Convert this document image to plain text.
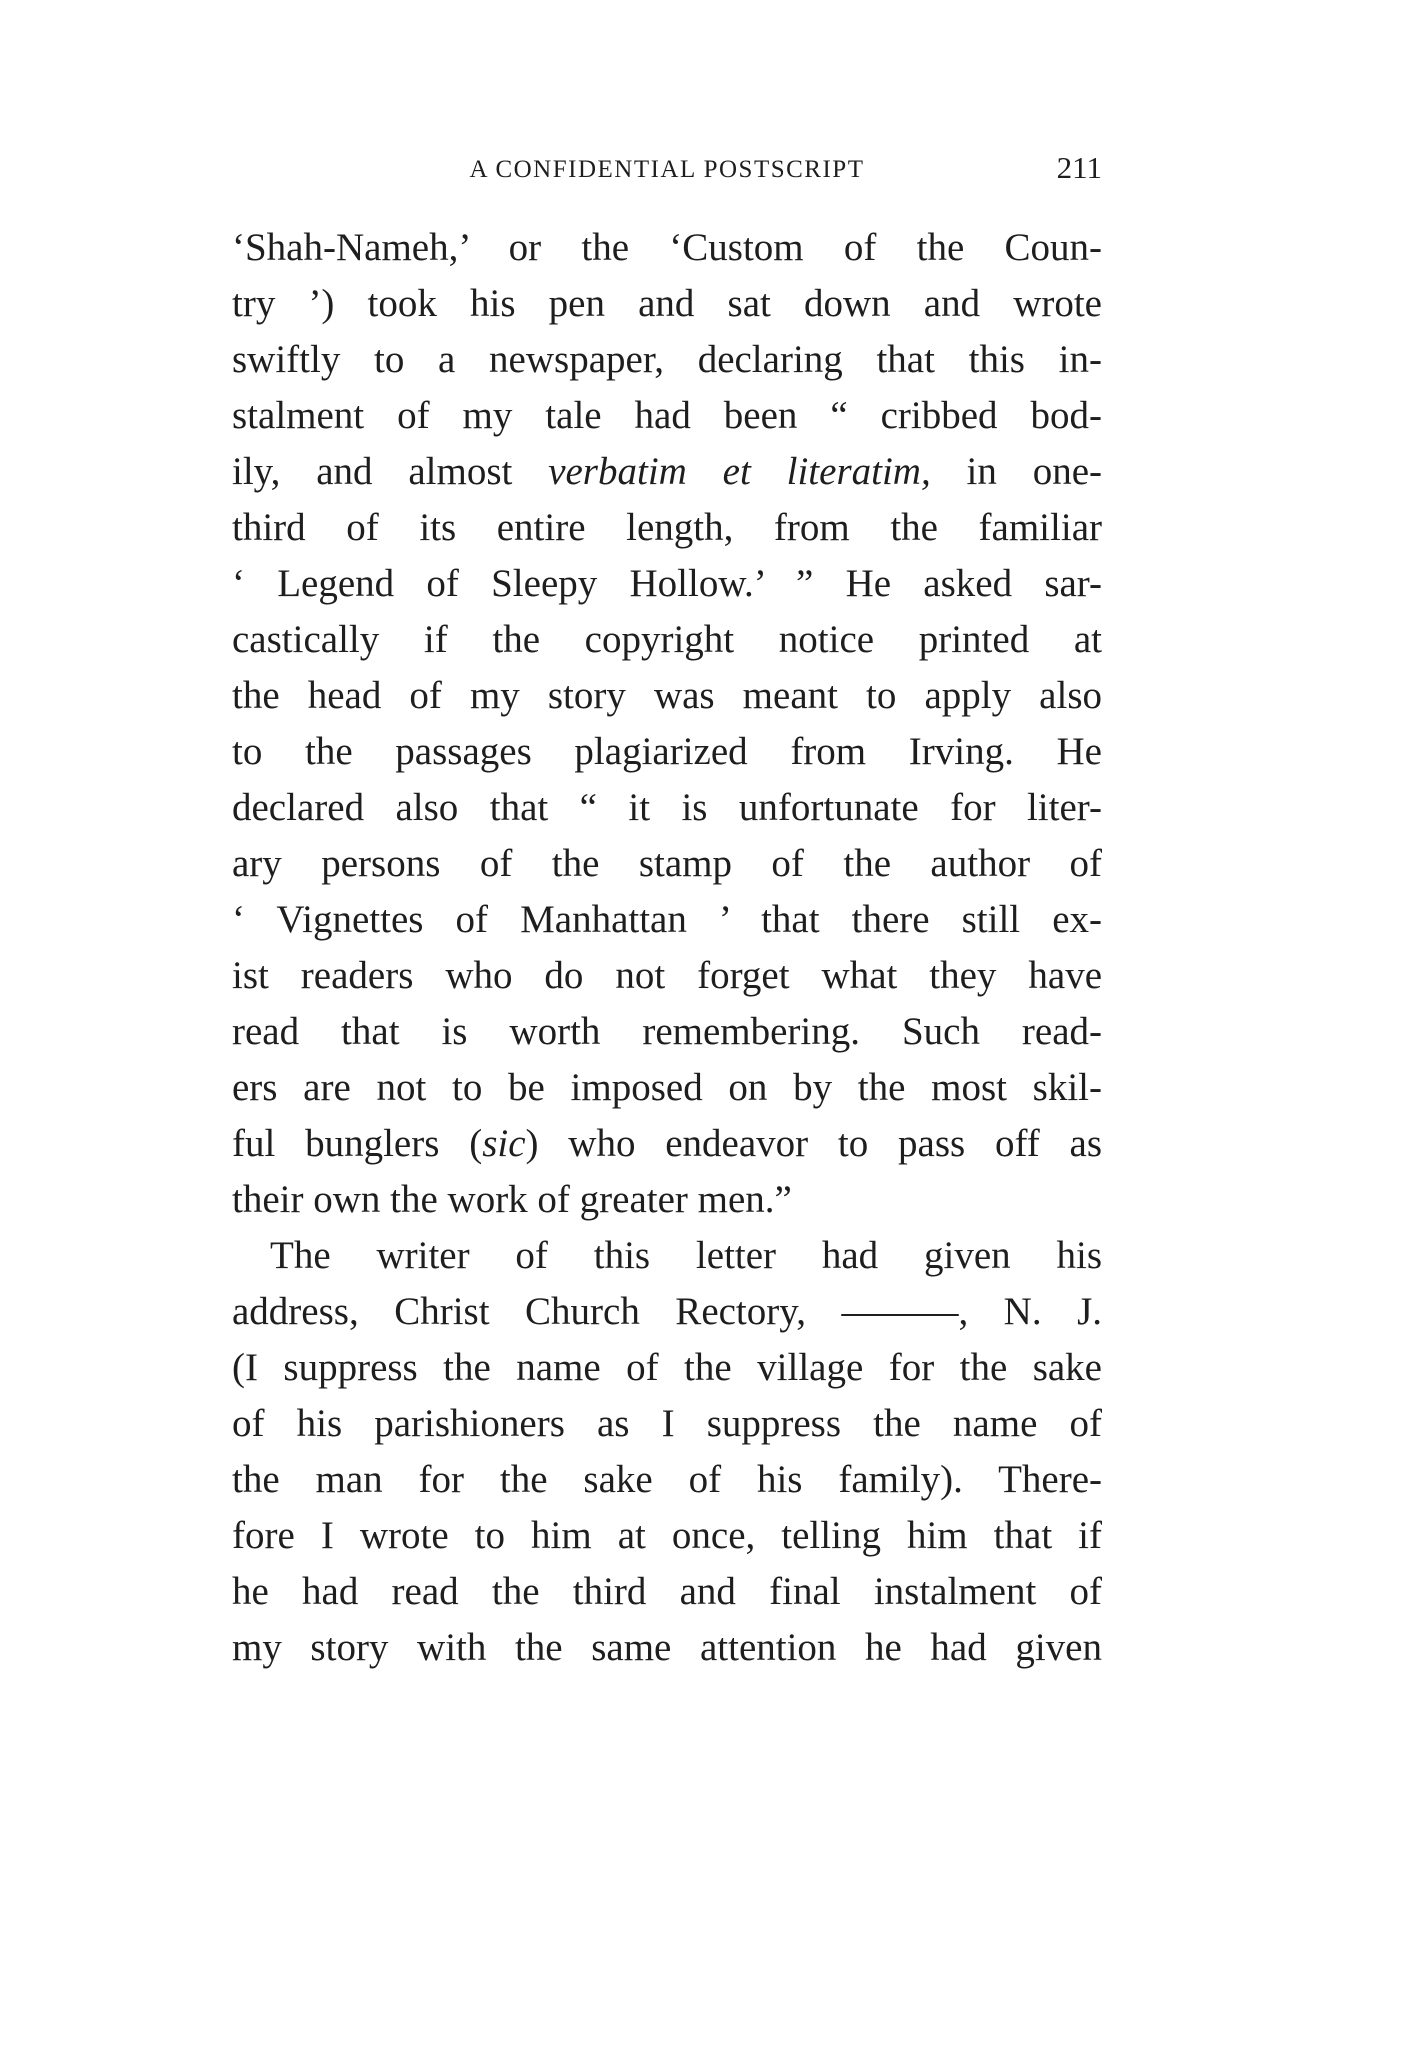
A CONFIDENTIAL POSTSCRIPT	211
‘Shah-Nameh,’ or the ‘Custom of the Coun-
try ’) took his pen and sat down and wrote
swiftly to a newspaper, declaring that this in-
stalment of my tale had been “ cribbed bod-
ily, and almost verbatim et literatim, in one-
third of its entire length, from the familiar
‘ Legend of Sleepy Hollow.’ ” He asked sar-
castically if the copyright notice printed at
the head of my story was meant to apply also
to the passages plagiarized from Irving. He
declared also that “ it is unfortunate for liter-
ary persons of the stamp of the author of
‘ Vignettes of Manhattan ’ that there still ex-
ist readers who do not forget what they have
read that is worth remembering. Such read-
ers are not to be imposed on by the most skil-
ful bunglers (sic) who endeavor to pass off as
their own the work of greater men.”
The writer of this letter had given his
address, Christ Church Rectory, ———, N. J.
(I suppress the name of the village for the sake
of his parishioners as I suppress the name of
the man for the sake of his family). There-
fore I wrote to him at once, telling him that if
he had read the third and final instalment of
my story with the same attention he had given
